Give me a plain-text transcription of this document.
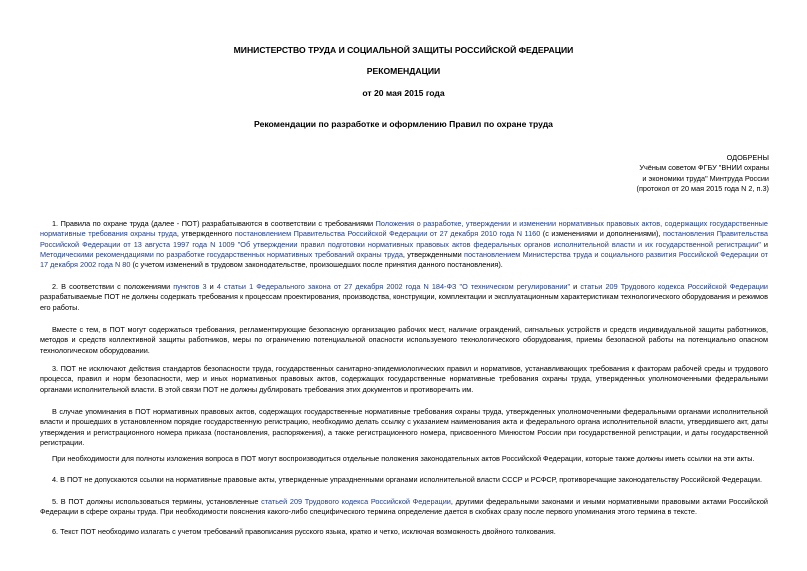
МИНИСТЕРСТВО ТРУДА И СОЦИАЛЬНОЙ ЗАЩИТЫ РОССИЙСКОЙ ФЕДЕРАЦИИ
РЕКОМЕНДАЦИИ
от 20 мая 2015 года
Рекомендации по разработке и оформлению Правил по охране труда
ОДОБРЕНЫ
Учёным советом ФГБУ "ВНИИ охраны
и экономики труда" Минтруда России
(протокол от 20 мая 2015 года N 2, п.3)

1. Правила по охране труда (далее - ПОТ) разрабатываются в соответствии с требованиями Положения о разработке, утверждении и изменении нормативных правовых актов, содержащих государственные нормативные требования охраны труда, утвержденного постановлением Правительства Российской Федерации от 27 декабря 2010 года N 1160 (с изменениями и дополнениями), постановления Правительства Российской Федерации от 13 августа 1997 года N 1009 "Об утверждении правил подготовки нормативных правовых актов федеральных органов исполнительной власти и их государственной регистрации" и Методическими рекомендациями по разработке государственных нормативных требований охраны труда, утвержденными постановлением Министерства труда и социального развития Российской Федерации от 17 декабря 2002 года N 80 (с учетом изменений в трудовом законодательстве, произошедших после принятия данного постановления).

2. В соответствии с положениями пунктов 3 и 4 статьи 1 Федерального закона от 27 декабря 2002 года N 184-ФЗ "О техническом регулировании" и статьи 209 Трудового кодекса Российской Федерации разрабатываемые ПОТ не должны содержать требования к процессам проектирования, производства, конструкции, комплектации и эксплуатационным характеристикам технологического оборудования и режимов его работы.

Вместе с тем, в ПОТ могут содержаться требования, регламентирующие безопасную организацию рабочих мест, наличие ограждений, сигнальных устройств и средств индивидуальной защиты работников, методов и средств коллективной защиты работников, меры по ограничению потенциальной опасности используемого технологического оборудования, приемы безопасной работы на потенциально опасном технологическом оборудовании.

3. ПОТ не исключают действия стандартов безопасности труда, государственных санитарно-эпидемиологических правил и нормативов, устанавливающих требования к факторам рабочей среды и трудового процесса, правил и норм безопасности, мер и иных нормативных правовых актов, содержащих государственные нормативные требования охраны труда, утвержденных уполномоченными федеральными органами исполнительной власти. В этой связи ПОТ не должны дублировать требования этих документов и противоречить им.

В случае упоминания в ПОТ нормативных правовых актов, содержащих государственные нормативные требования охраны труда, утвержденных уполномоченными федеральными органами исполнительной власти и прошедших в установленном порядке государственную регистрацию, необходимо делать ссылку с указанием наименования акта и федерального органа исполнительной власти, утвердившего акт, даты утверждения и регистрационного номера приказа (постановления, распоряжения), а также регистрационного номера, присвоенного Минюстом России при государственной регистрации, и даты государственной регистрации.

При необходимости для полноты изложения вопроса в ПОТ могут воспроизводиться отдельные положения законодательных актов Российской Федерации, которые также должны иметь ссылки на эти акты.

4. В ПОТ не допускаются ссылки на нормативные правовые акты, утвержденные упраздненными органами исполнительной власти СССР и РСФСР, противоречащие законодательству Российской Федерации.

5. В ПОТ должны использоваться термины, установленные статьей 209 Трудового кодекса Российской Федерации, другими федеральными законами и иными нормативными правовыми актами Российской Федерации в сфере охраны труда. При необходимости пояснения какого-либо специфического термина определение дается в скобках сразу после первого упоминания этого термина в тексте.

6. Текст ПОТ необходимо излагать с учетом требований правописания русского языка, кратко и четко, исключая возможность двойного толкования.
